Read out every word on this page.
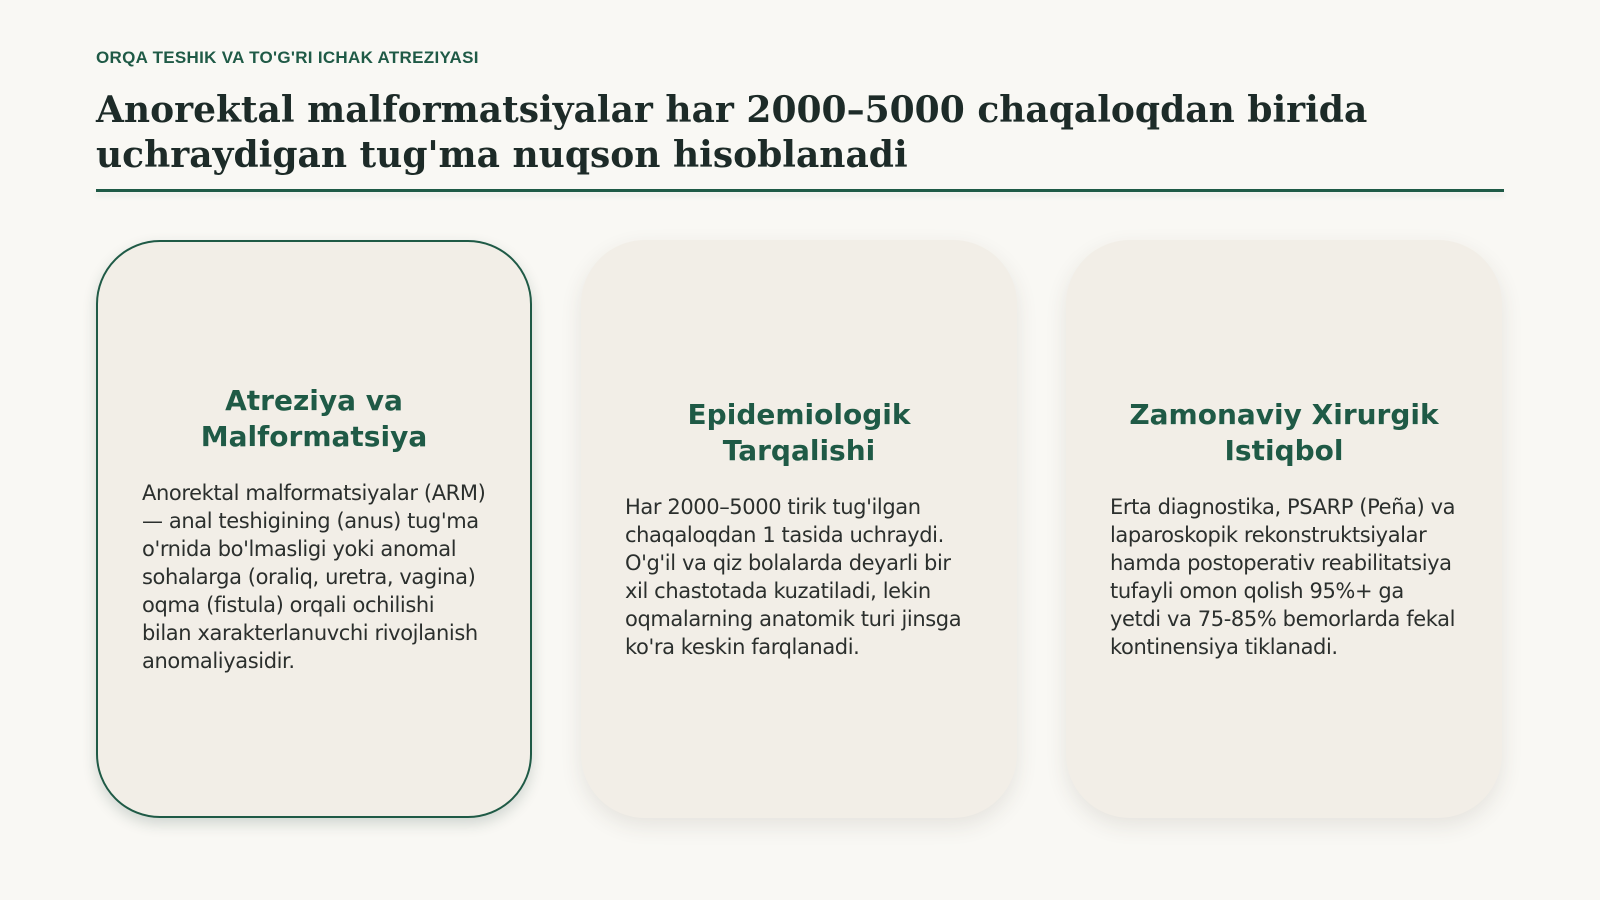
ORQA TESHIK VA TO'G'RI ICHAK ATREZIYASI
Anorektal malformatsiyalar har 2000–5000 chaqaloqdan birida uchraydigan tug'ma nuqson hisoblanadi
Atreziya va Malformatsiya

Anorektal malformatsiyalar (ARM) — anal teshigining (anus) tug'ma o'rnida bo'lmasligi yoki anomal sohalarga (oraliq, uretra, vagina) oqma (fistula) orqali ochilishi bilan xarakterlanuvchi rivojlanish anomaliyasidir.

Epidemiologik Tarqalishi

Har 2000–5000 tirik tug'ilgan chaqaloqdan 1 tasida uchraydi. O'g'il va qiz bolalarda deyarli bir xil chastotada kuzatiladi, lekin oqmalarning anatomik turi jinsga ko'ra keskin farqlanadi.

Zamonaviy Xirurgik Istiqbol

Erta diagnostika, PSARP (Peña) va laparoskopik rekonstruktsiyalar hamda postoperativ reabilitatsiya tufayli omon qolish 95%+ ga yetdi va 75-85% bemorlarda fekal kontinensiya tiklanadi.
